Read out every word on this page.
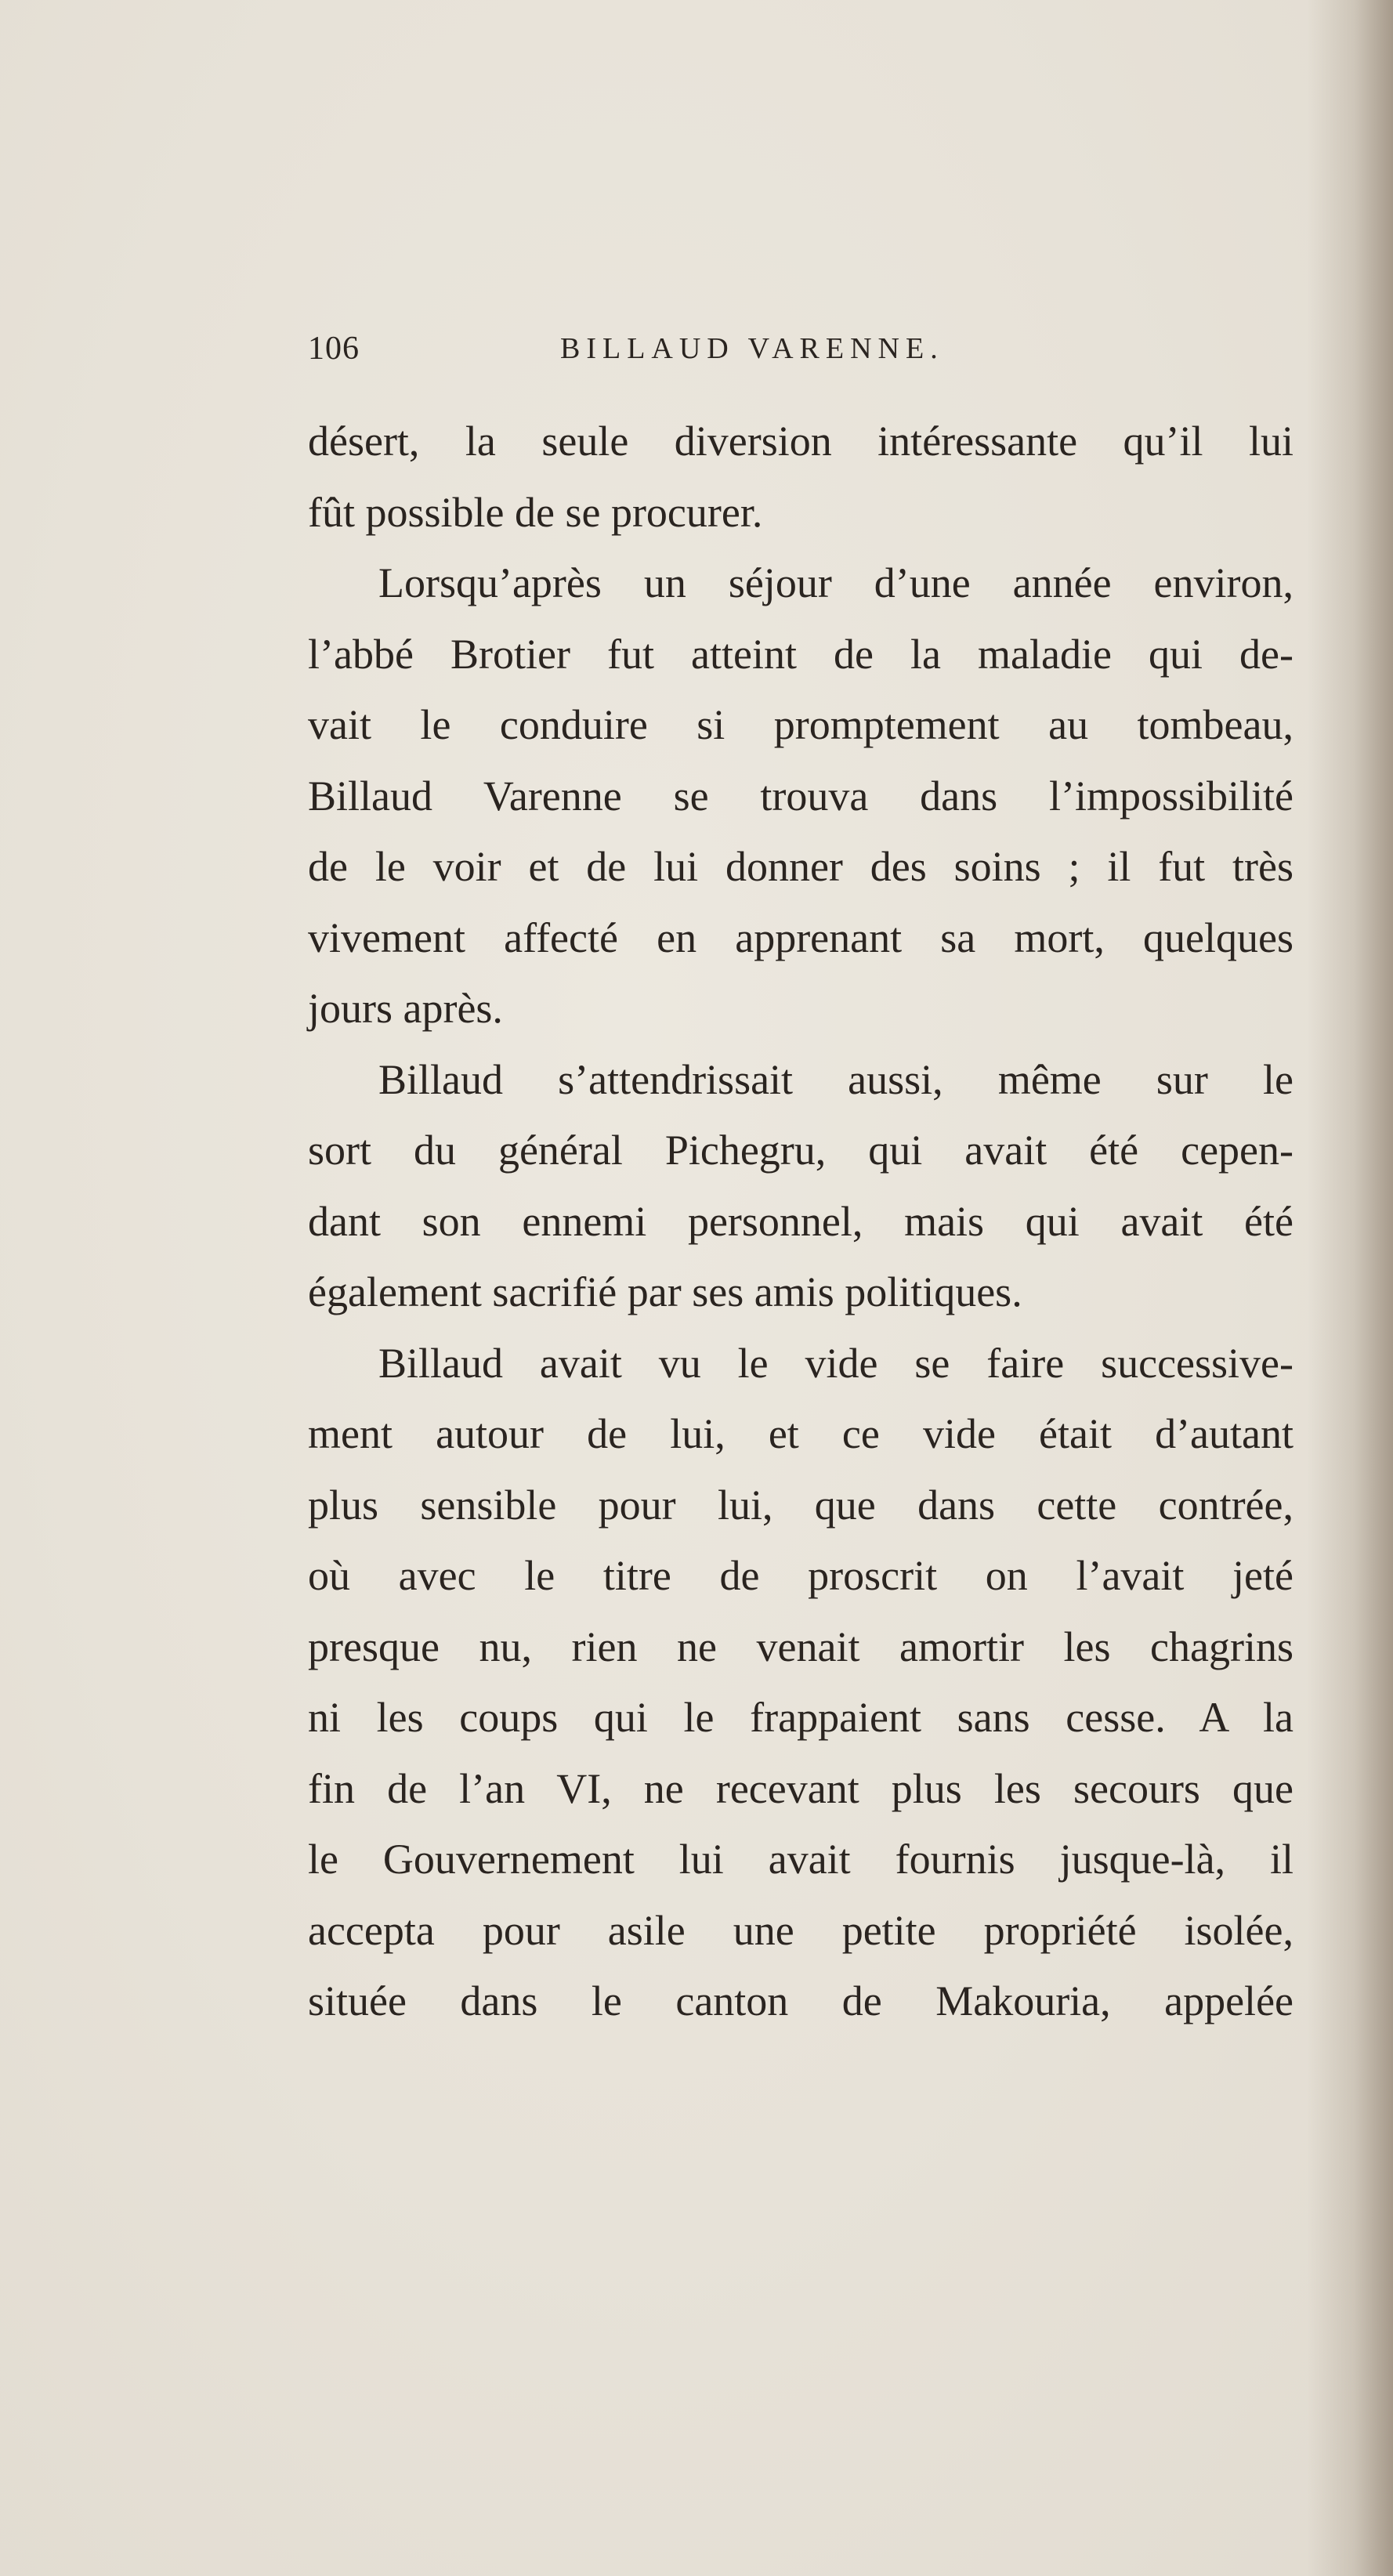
106	BILLAUD VARENNE.
désert, la seule diversion intéressante qu’il lui
fût possible de se procurer.
Lorsqu’après un séjour d’une année environ,
l’abbé Brotier fut atteint de la maladie qui de-
vait le conduire si promptement au tombeau,
Billaud Varenne se trouva dans l’impossibilité
de le voir et de lui donner des soins ; il fut très
vivement affecté en apprenant sa mort, quelques
jours après.
Billaud s’attendrissait aussi, même sur le
sort du général Pichegru, qui avait été cepen-
dant son ennemi personnel, mais qui avait été
également sacrifié par ses amis politiques.
Billaud avait vu le vide se faire successive-
ment autour de lui, et ce vide était d’autant
plus sensible pour lui, que dans cette contrée,
où avec le titre de proscrit on l’avait jeté
presque nu, rien ne venait amortir les chagrins
ni les coups qui le frappaient sans cesse. A la
fin de l’an VI, ne recevant plus les secours que
le Gouvernement lui avait fournis jusque-là, il
accepta pour asile une petite propriété isolée,
située dans le canton de Makouria, appelée
